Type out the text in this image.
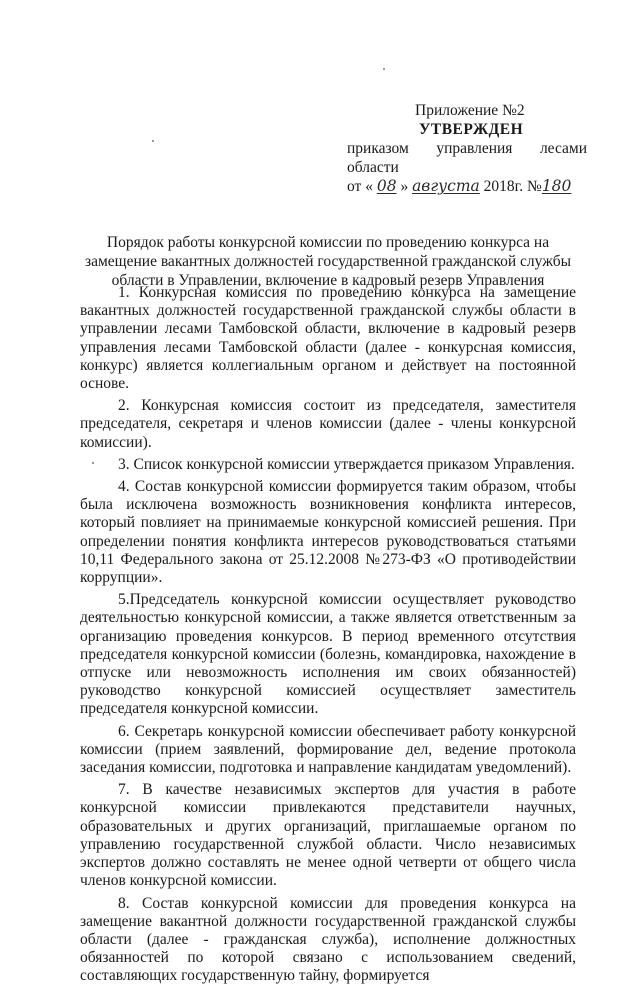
Приложение №2
УТВЕРЖДЕН
приказом управления лесами
области
от « 08 » августа 2018г. №180
Порядок работы конкурсной комиссии по проведению конкурса на замещение вакантных должностей государственной гражданской службы области в Управлении, включение в кадровый резерв Управления

1. Конкурсная комиссия по проведению конкурса на замещение вакантных должностей государственной гражданской службы области в управлении лесами Тамбовской области, включение в кадровый резерв управления лесами Тамбовской области (далее - конкурсная комиссия, конкурс) является коллегиальным органом и действует на постоянной основе.

2. Конкурсная комиссия состоит из председателя, заместителя председателя, секретаря и членов комиссии (далее - члены конкурсной комиссии).

3. Список конкурсной комиссии утверждается приказом Управления.

4. Состав конкурсной комиссии формируется таким образом, чтобы была исключена возможность возникновения конфликта интересов, который повлияет на принимаемые конкурсной комиссией решения. При определении понятия конфликта интересов руководствоваться статьями 10,11 Федерального закона от 25.12.2008 №273-ФЗ «О противодействии коррупции».

5.Председатель конкурсной комиссии осуществляет руководство деятельностью конкурсной комиссии, а также является ответственным за организацию проведения конкурсов. В период временного отсутствия председателя конкурсной комиссии (болезнь, командировка, нахождение в отпуске или невозможность исполнения им своих обязанностей) руководство конкурсной комиссией осуществляет заместитель председателя конкурсной комиссии.

6. Секретарь конкурсной комиссии обеспечивает работу конкурсной комиссии (прием заявлений, формирование дел, ведение протокола заседания комиссии, подготовка и направление кандидатам уведомлений).

7. В качестве независимых экспертов для участия в работе конкурсной комиссии привлекаются представители научных, образовательных и других организаций, приглашаемые органом по управлению государственной службой области. Число независимых экспертов должно составлять не менее одной четверти от общего числа членов конкурсной комиссии.

8. Состав конкурсной комиссии для проведения конкурса на замещение вакантной должности государственной гражданской службы области (далее - гражданская служба), исполнение должностных обязанностей по которой связано с использованием сведений, составляющих государственную тайну, формируется
